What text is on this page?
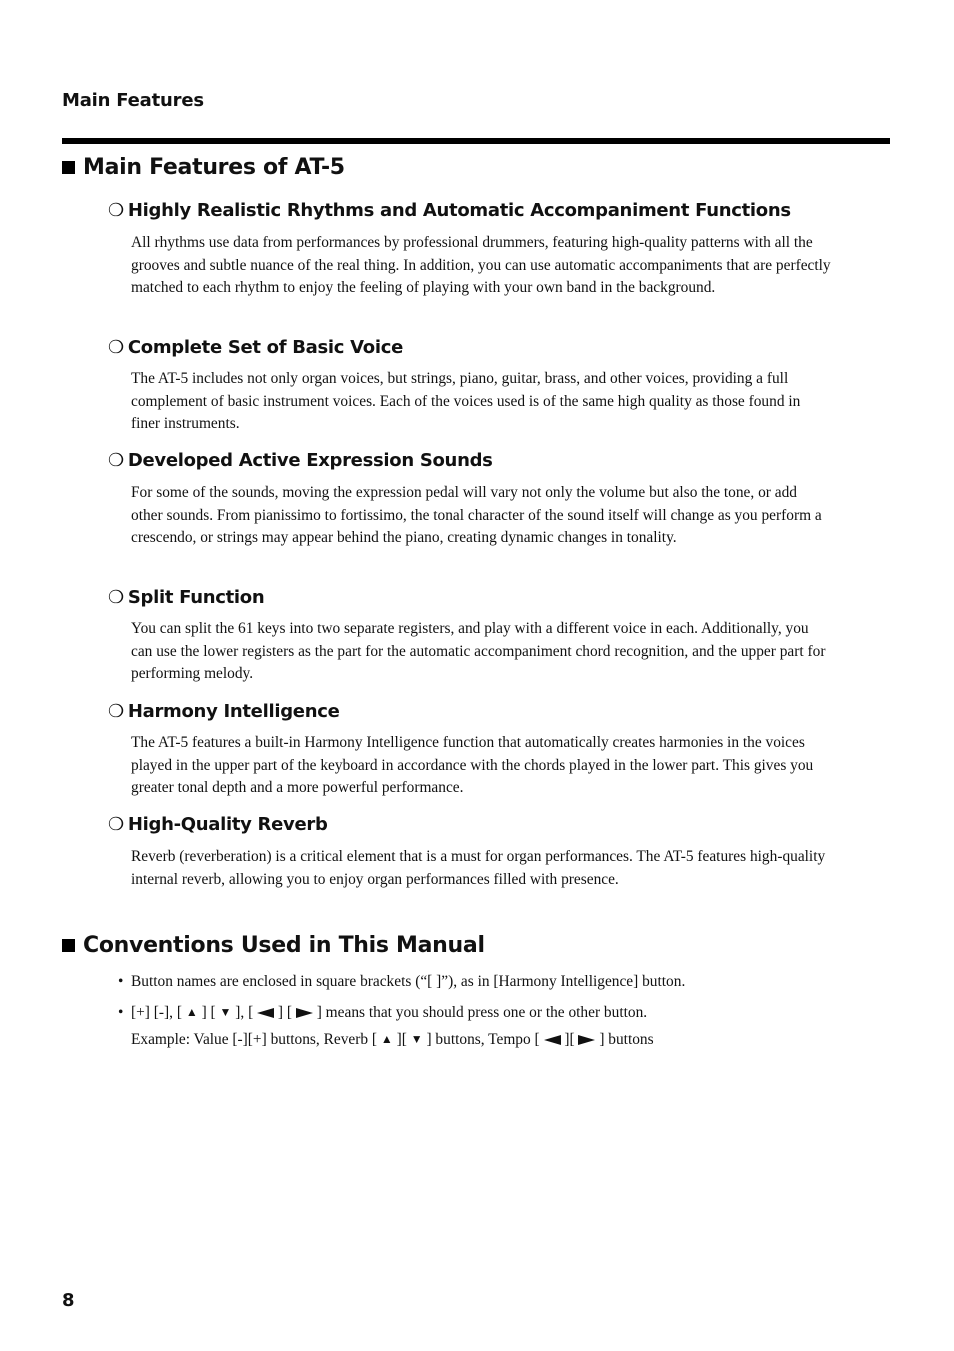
Main Features
Main Features of AT-5
❍ Highly Realistic Rhythms and Automatic Accompaniment Functions
All rhythms use data from performances by professional drummers, featuring high-quality patterns with all the grooves and subtle nuance of the real thing. In addition, you can use automatic accompaniments that are perfectly matched to each rhythm to enjoy the feeling of playing with your own band in the background.
❍ Complete Set of Basic Voice
The AT-5 includes not only organ voices, but strings, piano, guitar, brass, and other voices, providing a full complement of basic instrument voices. Each of the voices used is of the same high quality as those found in finer instruments.
❍ Developed Active Expression Sounds
For some of the sounds, moving the expression pedal will vary not only the volume but also the tone, or add other sounds. From pianissimo to fortissimo, the tonal character of the sound itself will change as you perform a crescendo, or strings may appear behind the piano, creating dynamic changes in tonality.
❍ Split Function
You can split the 61 keys into two separate registers, and play with a different voice in each. Additionally, you can use the lower registers as the part for the automatic accompaniment chord recognition, and the upper part for performing melody.
❍ Harmony Intelligence
The AT-5 features a built-in Harmony Intelligence function that automatically creates harmonies in the voices played in the upper part of the keyboard in accordance with the chords played in the lower part. This gives you greater tonal depth and a more powerful performance.
❍ High-Quality Reverb
Reverb (reverberation) is a critical element that is a must for organ performances. The AT-5 features high-quality internal reverb, allowing you to enjoy organ performances filled with presence.
Conventions Used in This Manual
• Button names are enclosed in square brackets (“[ ]”), as in [Harmony Intelligence] button.
• [+] [-], [ ▲ ] [ ▼ ], [  ] [  ] means that you should press one or the other button.
Example: Value [-][+] buttons, Reverb [ ▲ ][ ▼ ] buttons, Tempo [  ][  ] buttons
8
